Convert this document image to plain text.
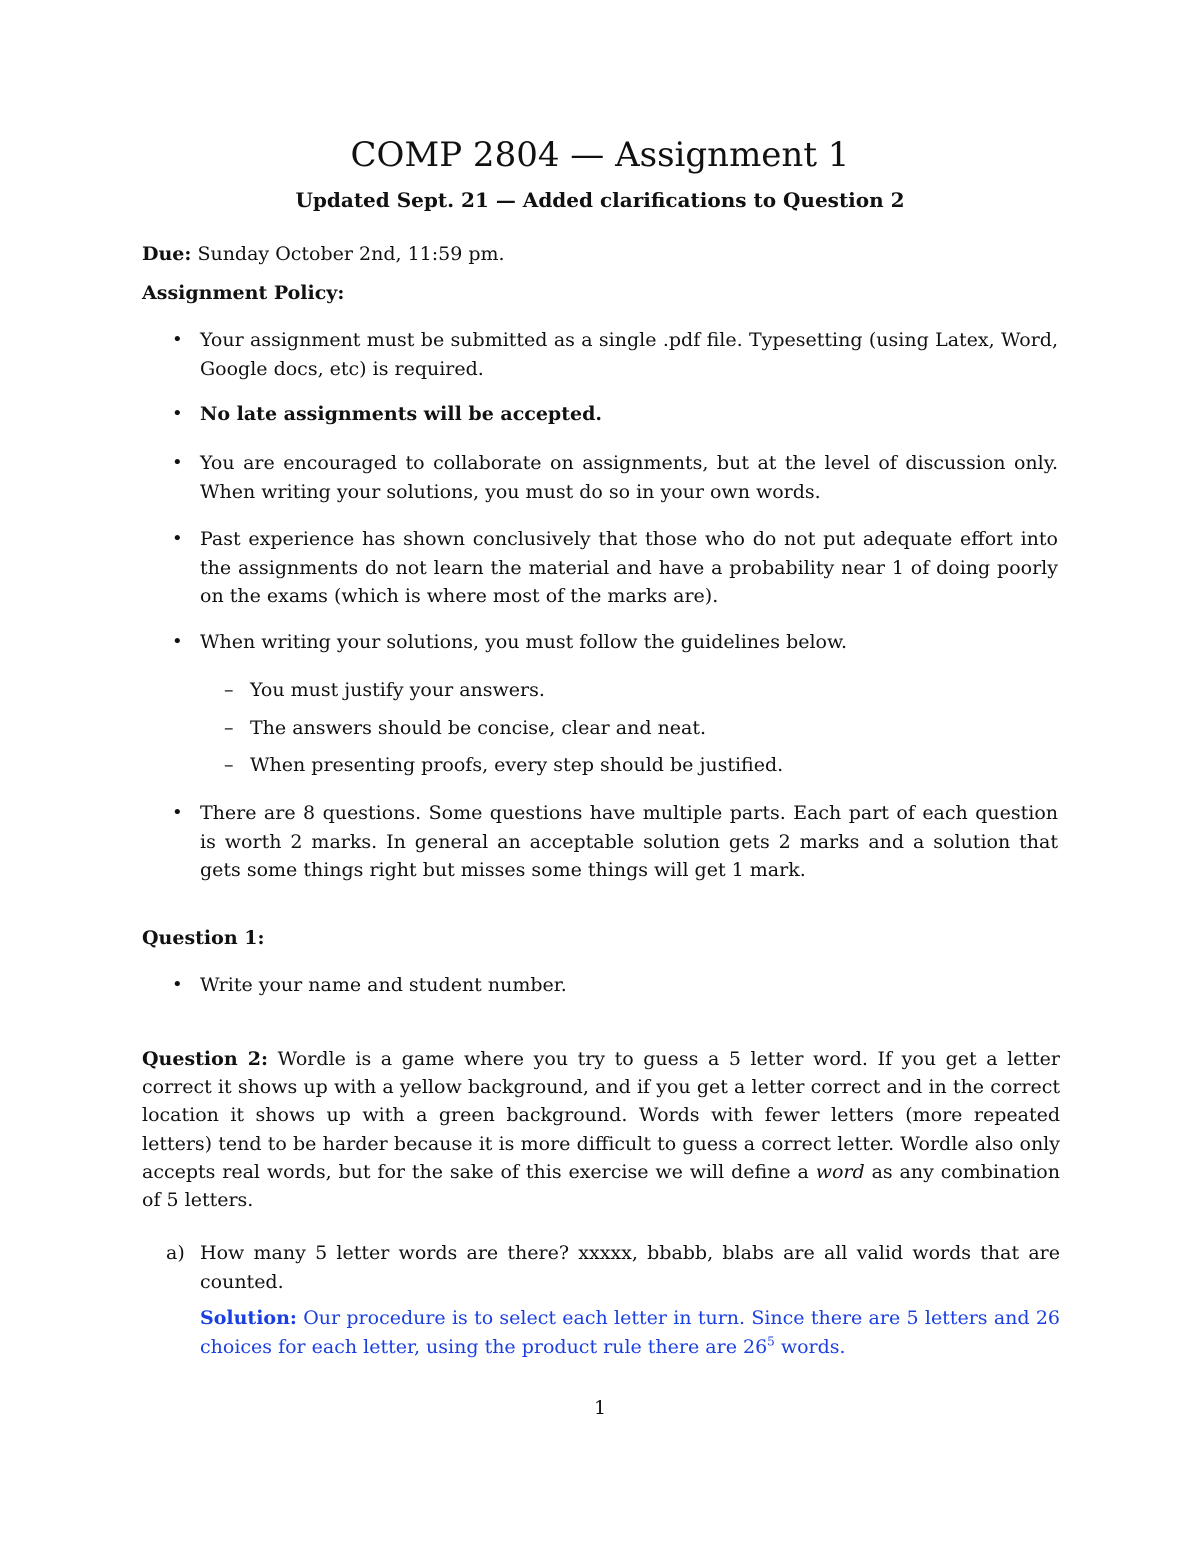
COMP 2804 — Assignment 1
Updated Sept. 21 — Added clarifications to Question 2
Due: Sunday October 2nd, 11:59 pm.
Assignment Policy:
• Your assignment must be submitted as a single .pdf file. Typesetting (using Latex, Word, Google docs, etc) is required.
• No late assignments will be accepted.
• You are encouraged to collaborate on assignments, but at the level of discussion only. When writing your solutions, you must do so in your own words.
• Past experience has shown conclusively that those who do not put adequate effort into the assignments do not learn the material and have a probability near 1 of doing poorly on the exams (which is where most of the marks are).
• When writing your solutions, you must follow the guidelines below.
– You must justify your answers.
– The answers should be concise, clear and neat.
– When presenting proofs, every step should be justified.
• There are 8 questions. Some questions have multiple parts. Each part of each question is worth 2 marks. In general an acceptable solution gets 2 marks and a solution that gets some things right but misses some things will get 1 mark.
Question 1:
• Write your name and student number.
Question 2: Wordle is a game where you try to guess a 5 letter word. If you get a letter correct it shows up with a yellow background, and if you get a letter correct and in the correct location it shows up with a green background. Words with fewer letters (more repeated letters) tend to be harder because it is more difficult to guess a correct letter. Wordle also only accepts real words, but for the sake of this exercise we will define a word as any combination of 5 letters.
a) How many 5 letter words are there? xxxxx, bbabb, blabs are all valid words that are counted.
Solution: Our procedure is to select each letter in turn. Since there are 5 letters and 26 choices for each letter, using the product rule there are $26^5$ words.
1
